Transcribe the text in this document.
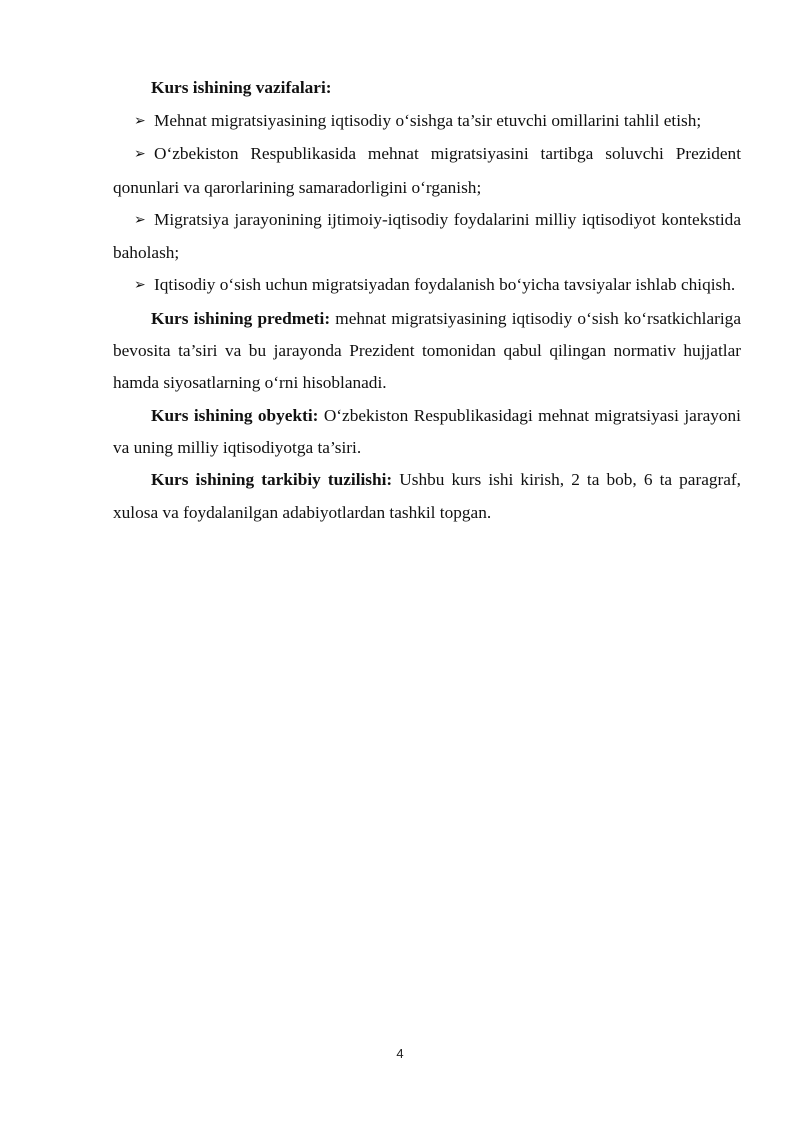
Kurs ishining vazifalari:

➢ Mehnat migratsiyasining iqtisodiy o‘sishga ta’sir etuvchi omillarini tahlil etish;

➢ O‘zbekiston Respublikasida mehnat migratsiyasini tartibga soluvchi Prezident qonunlari va qarorlarining samaradorligini o‘rganish;

➢ Migratsiya jarayonining ijtimoiy-iqtisodiy foydalarini milliy iqtisodiyot kontekstida baholash;

➢ Iqtisodiy o‘sish uchun migratsiyadan foydalanish bo‘yicha tavsiyalar ishlab chiqish.

Kurs ishining predmeti: mehnat migratsiyasining iqtisodiy o‘sish ko‘rsatkichlariga bevosita ta’siri va bu jarayonda Prezident tomonidan qabul qilingan normativ hujjatlar hamda siyosatlarning o‘rni hisoblanadi.

Kurs ishining obyekti: O‘zbekiston Respublikasidagi mehnat migratsiyasi jarayoni va uning milliy iqtisodiyotga ta’siri.

Kurs ishining tarkibiy tuzilishi: Ushbu kurs ishi kirish, 2 ta bob, 6 ta paragraf, xulosa va foydalanilgan adabiyotlardan tashkil topgan.

4
